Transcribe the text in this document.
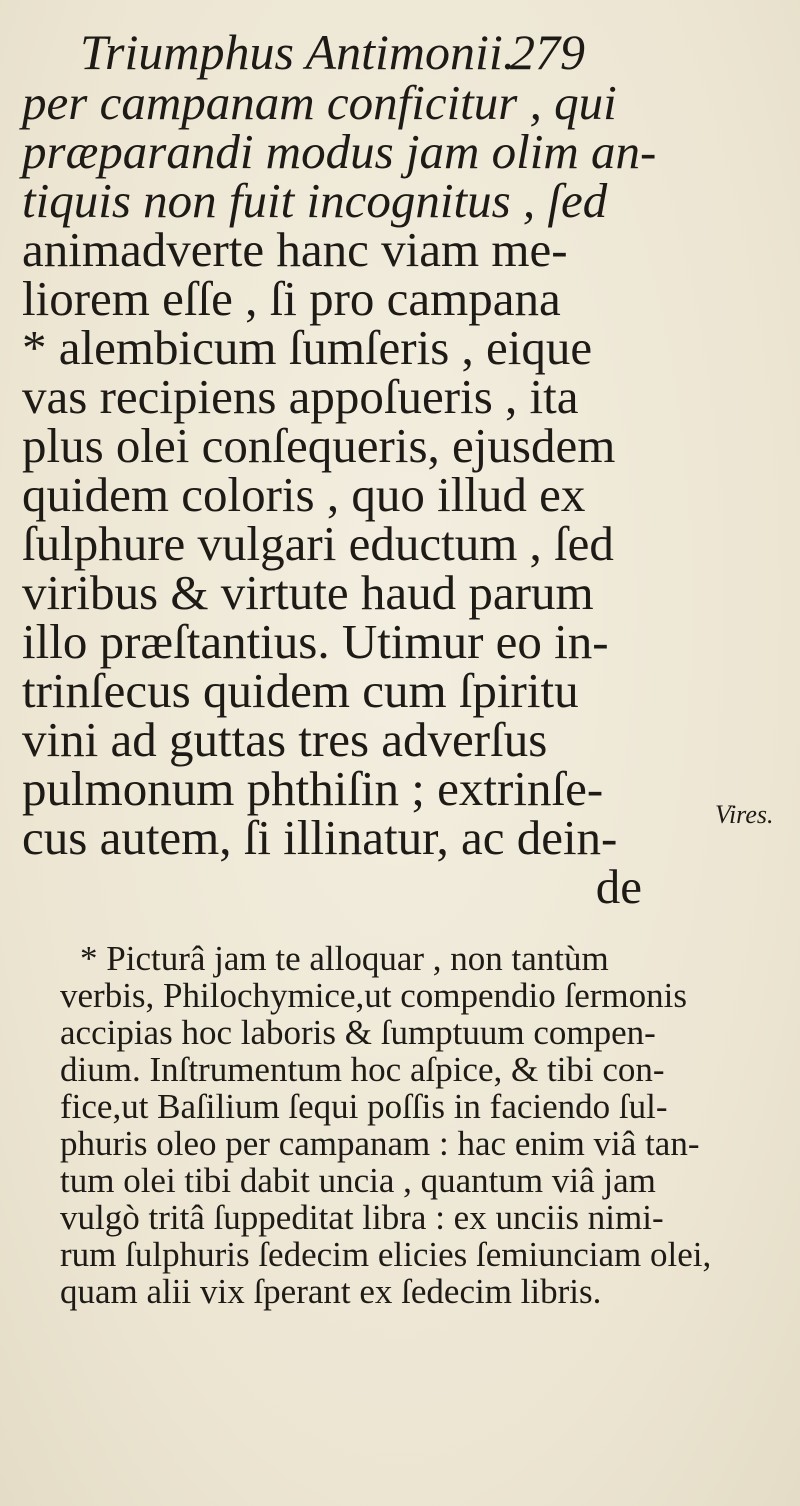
Triumphus Antimonii.
279
per campanam conficitur , qui
præparandi modus jam olim an-
tiquis non fuit incognitus , ſed
animadverte hanc viam me-
liorem eſſe , ſi pro campana
* alembicum ſumſeris , eique
vas recipiens appoſueris , ita
plus olei conſequeris, ejusdem
quidem coloris , quo illud ex
ſulphure vulgari eductum , ſed
viribus & virtute haud parum
illo præſtantius. Utimur eo in-
trinſecus quidem cum ſpiritu
vini ad guttas tres adverſus
pulmonum phthiſin ; extrinſe-
cus autem, ſi illinatur, ac dein-
de
Vires.
* Picturâ jam te alloquar , non tantùm
verbis, Philochymice,ut compendio ſermonis
accipias hoc laboris & ſumptuum compen-
dium. Inſtrumentum hoc aſpice, & tibi con-
fice,ut Baſilium ſequi poſſis in faciendo ſul-
phuris oleo per campanam : hac enim viâ tan-
tum olei tibi dabit uncia , quantum viâ jam
vulgò tritâ ſuppeditat libra : ex unciis nimi-
rum ſulphuris ſedecim elicies ſemiunciam olei,
quam alii vix ſperant ex ſedecim libris.
